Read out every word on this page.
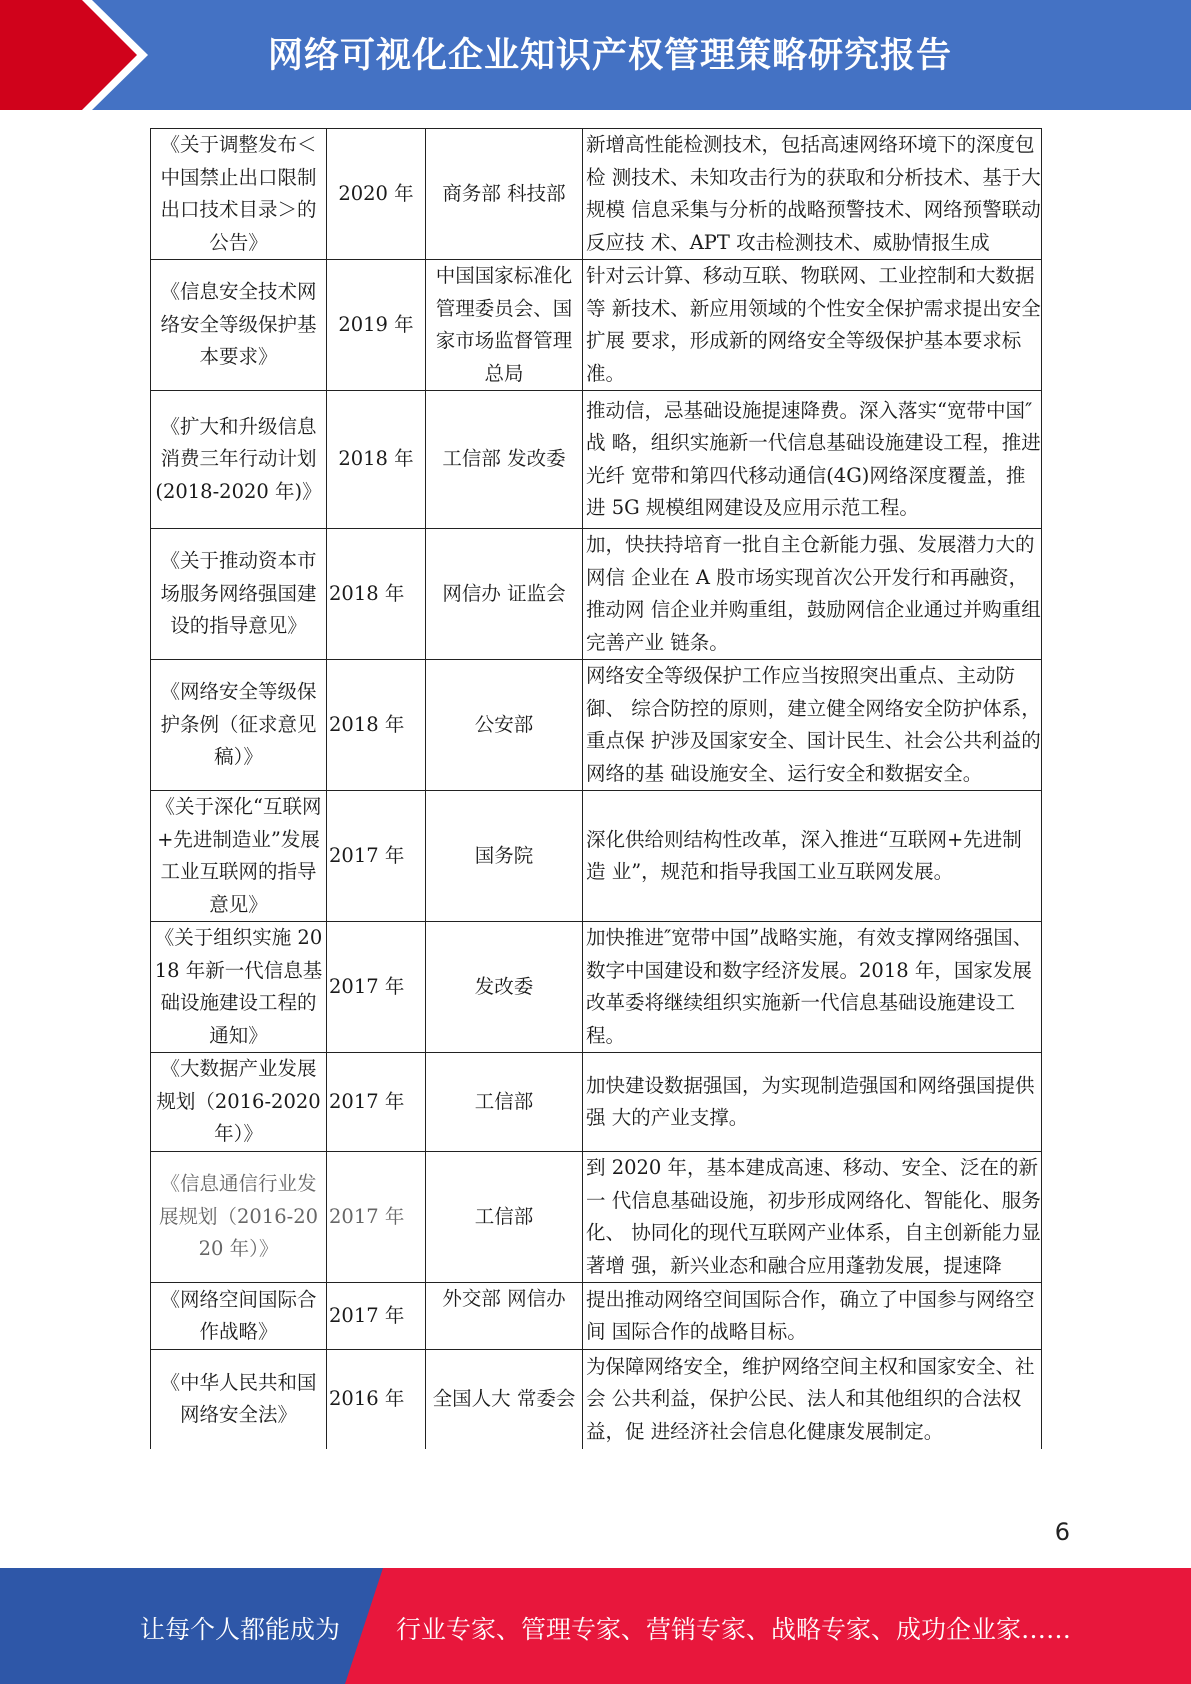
网络可视化企业知识产权管理策略研究报告
《关于调整发布＜中国禁止出口限制出口技术目录＞的公告》	2020 年	商务部 科技部	新增高性能检测技术，包括高速网络环境下的深度包检 测技术、未知攻击行为的获取和分析技术、基于大规模 信息采集与分析的战略预警技术、网络预警联动反应技 术、APT 攻击检测技术、威胁情报生成
《信息安全技术网络安全等级保护基本要求》	2019 年	中国国家标准化管理委员会、国家市场监督管理总局	针对云计算、移动互联、物联网、工业控制和大数据等 新技术、新应用领域的个性安全保护需求提出安全扩展 要求，形成新的网络安全等级保护基本要求标准。
《扩大和升级信息消费三年行动计划(2018-2020 年)》	2018 年	工信部 发改委	推动信，忌基础设施提速降费。深入落实“宽带中国″战 略，组织实施新一代信息基础设施建设工程，推进光纤 宽带和第四代移动通信(4G)网络深度覆盖，推进 5G 规模组网建设及应用示范工程。
《关于推动资本市场服务网络强国建设的指导意见》	2018 年	网信办 证监会	加，快扶持培育一批自主仓新能力强、发展潜力大的网信 企业在 A 股市场实现首次公开发行和再融资，推动网 信企业并购重组，鼓励网信企业通过并购重组完善产业 链条。
《网络安全等级保护条例（征求意见稿）》	2018 年	公安部	网络安全等级保护工作应当按照突出重点、主动防御、 综合防控的原则，建立健全网络安全防护体系，重点保 护涉及国家安全、国计民生、社会公共利益的网络的基 础设施安全、运行安全和数据安全。
《关于深化“互联网+先进制造业”发展工业互联网的指导意见》	2017 年	国务院	深化供给则结构性改革，深入推进“互联网+先进制造 业”，规范和指导我国工业互联网发展。
《关于组织实施 2018 年新一代信息基础设施建设工程的通知》	2017 年	发改委	加快推进″宽带中国”战略实施，有效支撑网络强国、数字中国建设和数字经济发展。2018 年，国家发展改革委将继续组织实施新一代信息基础设施建设工程。
《大数据产业发展规划（2016-2020 年）》	2017 年	工信部	加快建设数据强国，为实现制造强国和网络强国提供强 大的产业支撑。
《信息通信行业发展规划（2016-2020 年）》	2017 年	工信部	到 2020 年，基本建成高速、移动、安全、泛在的新一 代信息基础设施，初步形成网络化、智能化、服务化、 协同化的现代互联网产业体系，自主创新能力显著增 强，新兴业态和融合应用蓬勃发展，提速降
《网络空间国际合作战略》	2017 年	外交部 网信办	提出推动网络空间国际合作，确立了中国参与网络空间 国际合作的战略目标。
《中华人民共和国网络安全法》	2016 年	全国人大 常委会	为保障网络安全，维护网络空间主权和国家安全、社会 公共利益，保护公民、法人和其他组织的合法权益，促 进经济社会信息化健康发展制定。
6
让每个人都能成为 行业专家、管理专家、营销专家、战略专家、成功企业家……
